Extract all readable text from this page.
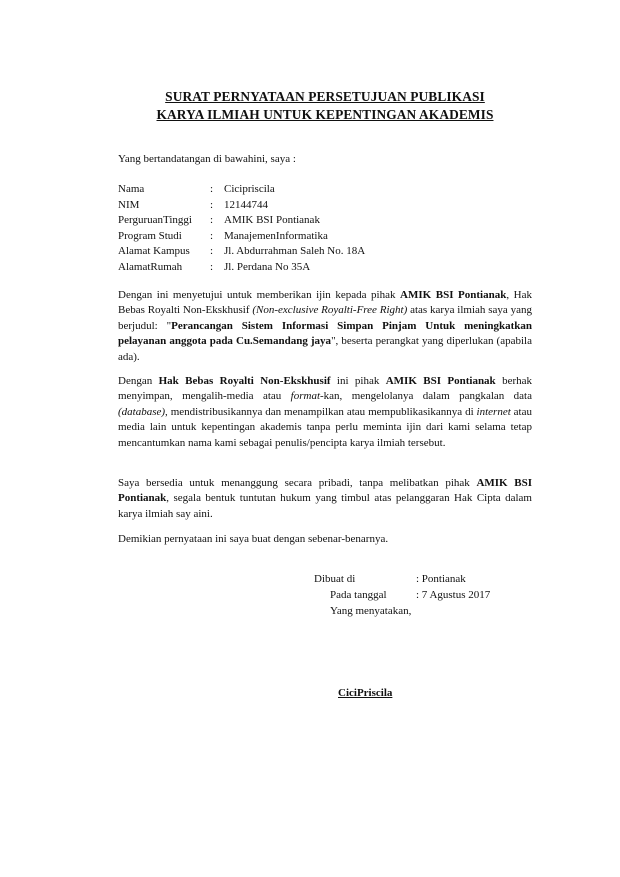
SURAT PERNYATAAN PERSETUJUAN PUBLIKASI
KARYA ILMIAH UNTUK KEPENTINGAN AKADEMIS
Yang bertandatangan di bawahini, saya :
Nama	: Cicipriscila
NIM	: 12144744
PerguruanTinggi	: AMIK BSI Pontianak
Program Studi	: ManajemenInformatika
Alamat Kampus	: Jl. Abdurrahman Saleh No. 18A
AlamatRumah	: Jl. Perdana No 35A
Dengan ini menyetujui untuk memberikan ijin kepada pihak AMIK BSI Pontianak, Hak Bebas Royalti Non-Ekskhusif (Non-exclusive Royalti-Free Right) atas karya ilmiah saya yang berjudul: "Perancangan Sistem Informasi Simpan Pinjam Untuk meningkatkan pelayanan anggota pada Cu.Semandang jaya", beserta perangkat yang diperlukan (apabila ada).
Dengan Hak Bebas Royalti Non-Ekskhusif ini pihak AMIK BSI Pontianak berhak menyimpan, mengalih-media atau format-kan, mengelolanya dalam pangkalan data (database), mendistribusikannya dan menampilkan atau mempublikasikannya di internet atau media lain untuk kepentingan akademis tanpa perlu meminta ijin dari kami selama tetap mencantumkan nama kami sebagai penulis/pencipta karya ilmiah tersebut.
Saya bersedia untuk menanggung secara pribadi, tanpa melibatkan pihak AMIK BSI Pontianak, segala bentuk tuntutan hukum yang timbul atas pelanggaran Hak Cipta dalam karya ilmiah say aini.
Demikian pernyataan ini saya buat dengan sebenar-benarnya.
Dibuat di	: Pontianak
Pada tanggal	: 7 Agustus 2017
Yang menyatakan,
CiciPriscila
